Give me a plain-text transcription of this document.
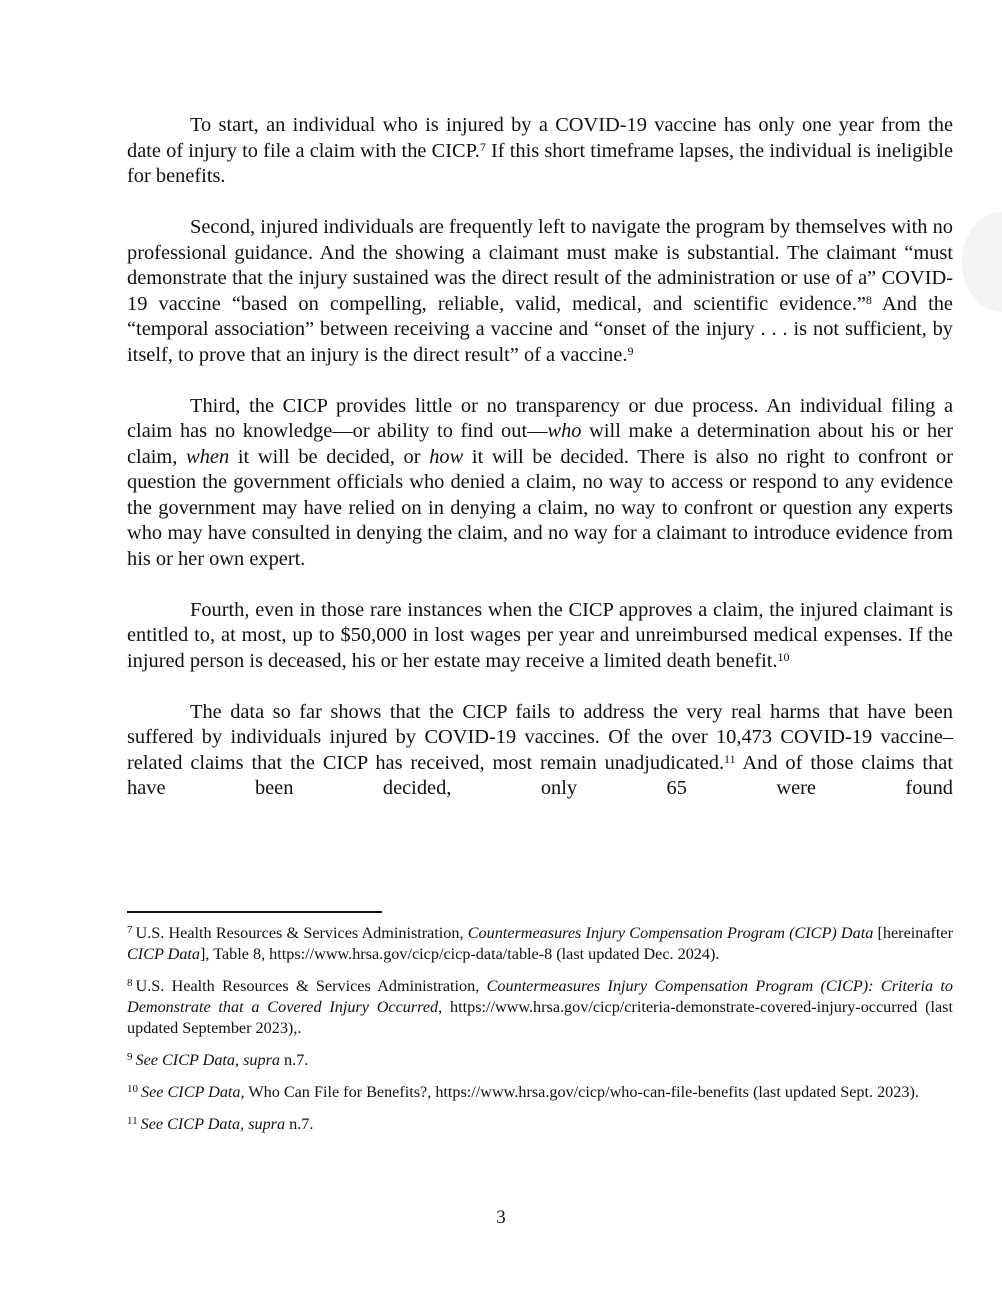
To start, an individual who is injured by a COVID-19 vaccine has only one year from the date of injury to file a claim with the CICP.$^7$ If this short timeframe lapses, the individual is ineligible for benefits.

Second, injured individuals are frequently left to navigate the program by themselves with no professional guidance. And the showing a claimant must make is substantial. The claimant “must demonstrate that the injury sustained was the direct result of the administration or use of a” COVID-19 vaccine “based on compelling, reliable, valid, medical, and scientific evidence.”$^8$ And the “temporal association” between receiving a vaccine and “onset of the injury . . . is not sufficient, by itself, to prove that an injury is the direct result” of a vaccine.$^9$

Third, the CICP provides little or no transparency or due process. An individual filing a claim has no knowledge—or ability to find out—who will make a determination about his or her claim, when it will be decided, or how it will be decided. There is also no right to confront or question the government officials who denied a claim, no way to access or respond to any evidence the government may have relied on in denying a claim, no way to confront or question any experts who may have consulted in denying the claim, and no way for a claimant to introduce evidence from his or her own expert.

Fourth, even in those rare instances when the CICP approves a claim, the injured claimant is entitled to, at most, up to $50,000 in lost wages per year and unreimbursed medical expenses. If the injured person is deceased, his or her estate may receive a limited death benefit.$^{10}$

The data so far shows that the CICP fails to address the very real harms that have been suffered by individuals injured by COVID-19 vaccines. Of the over 10,473 COVID-19 vaccine–related claims that the CICP has received, most remain unadjudicated.$^{11}$ And of those claims that have been decided, only 65 were found

$^7$ U.S. Health Resources & Services Administration, Countermeasures Injury Compensation Program (CICP) Data [hereinafter CICP Data], Table 8, https://www.hrsa.gov/cicp/cicp-data/table-8 (last updated Dec. 2024).

$^8$ U.S. Health Resources & Services Administration, Countermeasures Injury Compensation Program (CICP): Criteria to Demonstrate that a Covered Injury Occurred, https://www.hrsa.gov/cicp/criteria-demonstrate-covered-injury-occurred (last updated September 2023),.

$^9$ See CICP Data, supra n.7.

$^{10}$ See CICP Data, Who Can File for Benefits?, https://www.hrsa.gov/cicp/who-can-file-benefits (last updated Sept. 2023).

$^{11}$ See CICP Data, supra n.7.

3
